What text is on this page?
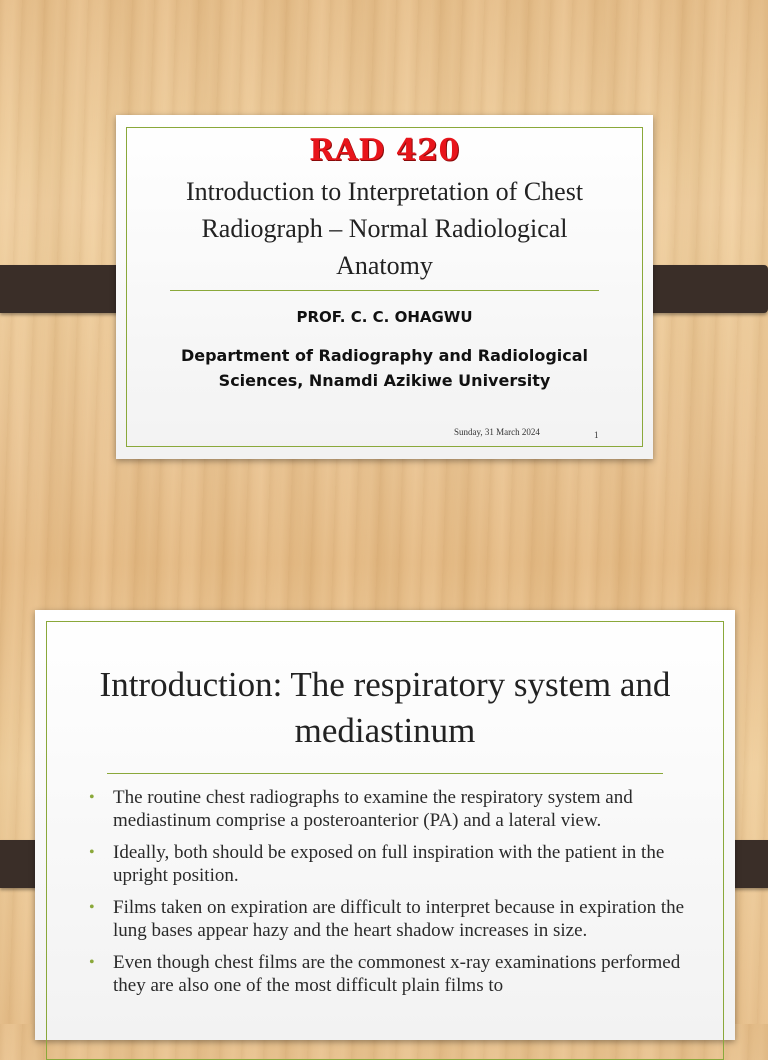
RAD 420
Introduction to Interpretation of Chest Radiograph – Normal Radiological Anatomy
PROF. C. C. OHAGWU
Department of Radiography and Radiological Sciences, Nnamdi Azikiwe University
Sunday, 31 March 2024	1
Introduction: The respiratory system and mediastinum
• The routine chest radiographs to examine the respiratory system and mediastinum comprise a posteroanterior (PA) and a lateral view.
• Ideally, both should be exposed on full inspiration with the patient in the upright position.
• Films taken on expiration are difficult to interpret because in expiration the lung bases appear hazy and the heart shadow increases in size.
• Even though chest films are the commonest x-ray examinations performed they are also one of the most difficult plain films to
